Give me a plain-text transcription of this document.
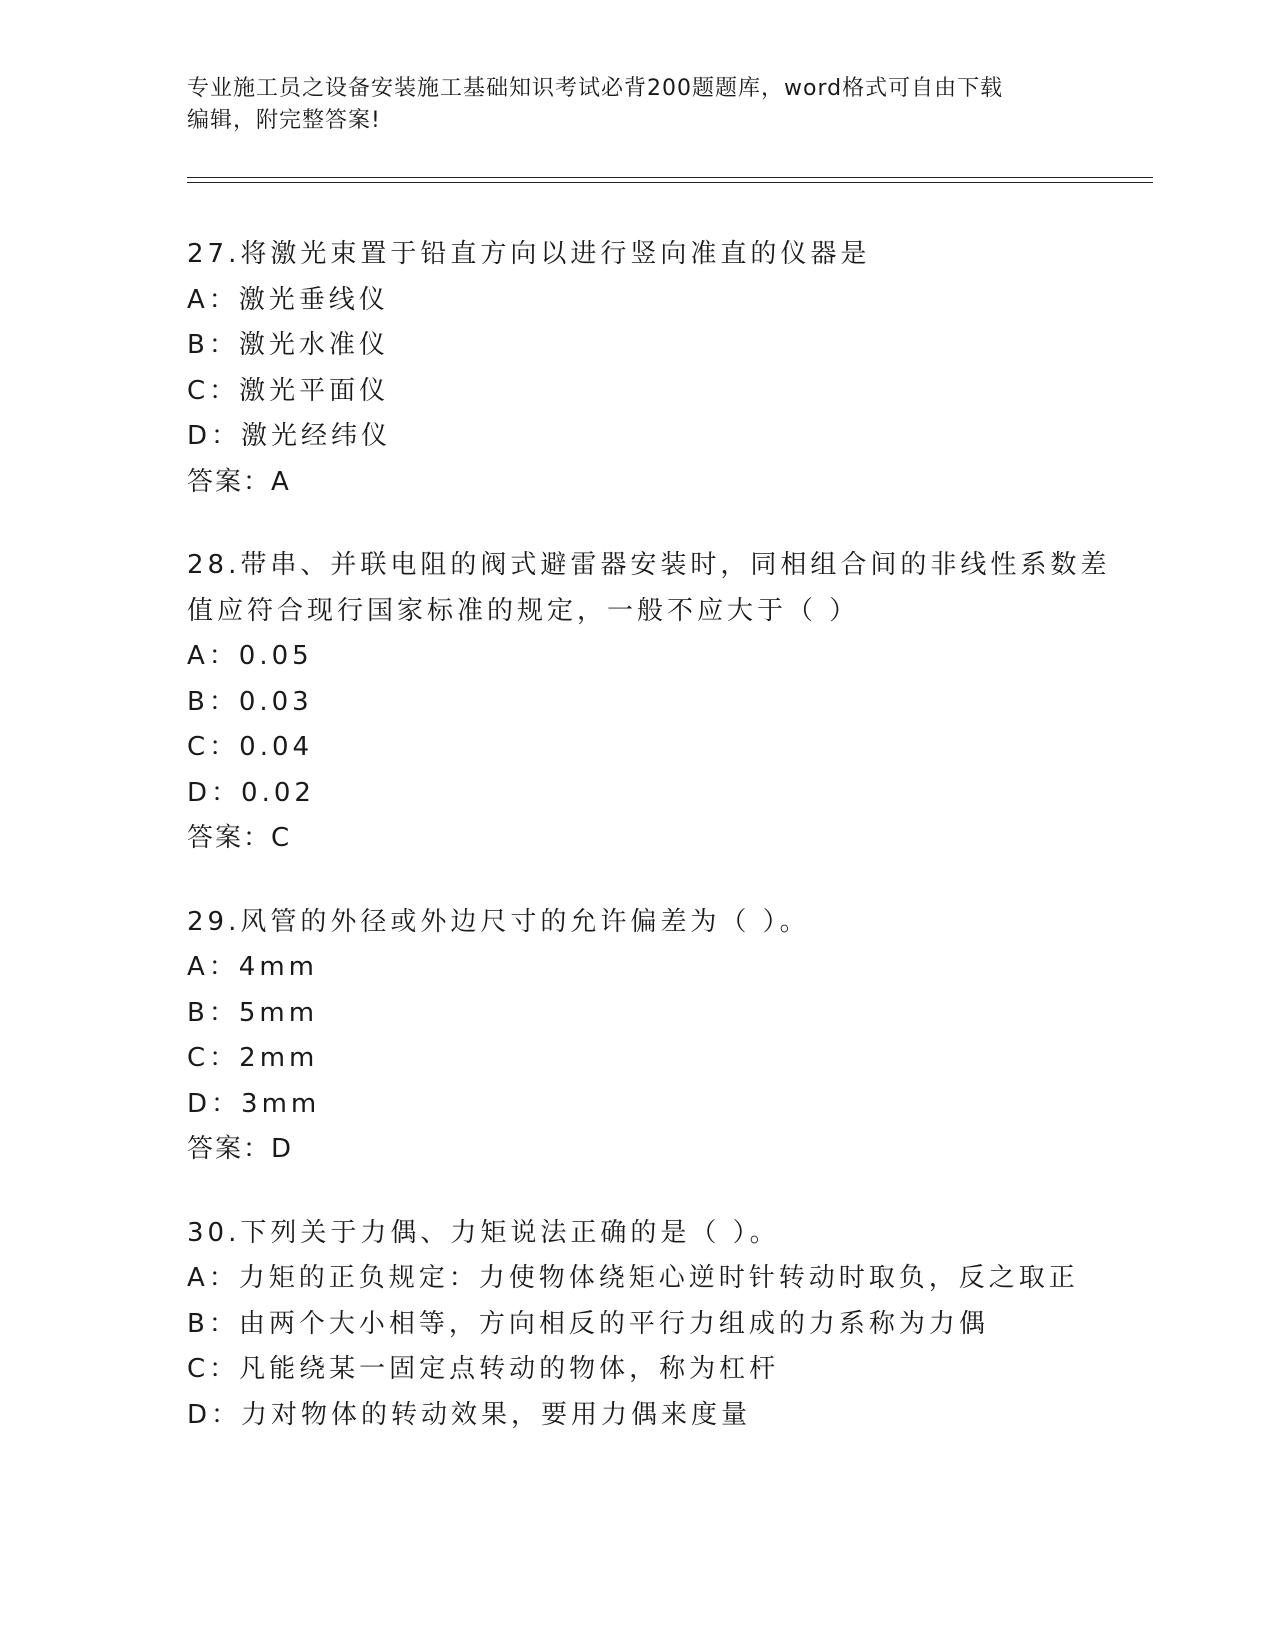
专业施工员之设备安装施工基础知识考试必背200题题库，word格式可自由下载
编辑，附完整答案!
27.将激光束置于铅直方向以进行竖向准直的仪器是
A：激光垂线仪
B：激光水准仪
C：激光平面仪
D：激光经纬仪
答案：A
28.带串、并联电阻的阀式避雷器安装时，同相组合间的非线性系数差
值应符合现行国家标准的规定，一般不应大于（ ）
A：0.05
B：0.03
C：0.04
D：0.02
答案：C
29.风管的外径或外边尺寸的允许偏差为（ ）。
A：4mm
B：5mm
C：2mm
D：3mm
答案：D
30.下列关于力偶、力矩说法正确的是（ ）。
A：力矩的正负规定：力使物体绕矩心逆时针转动时取负，反之取正
B：由两个大小相等，方向相反的平行力组成的力系称为力偶
C：凡能绕某一固定点转动的物体，称为杠杆
D：力对物体的转动效果，要用力偶来度量
